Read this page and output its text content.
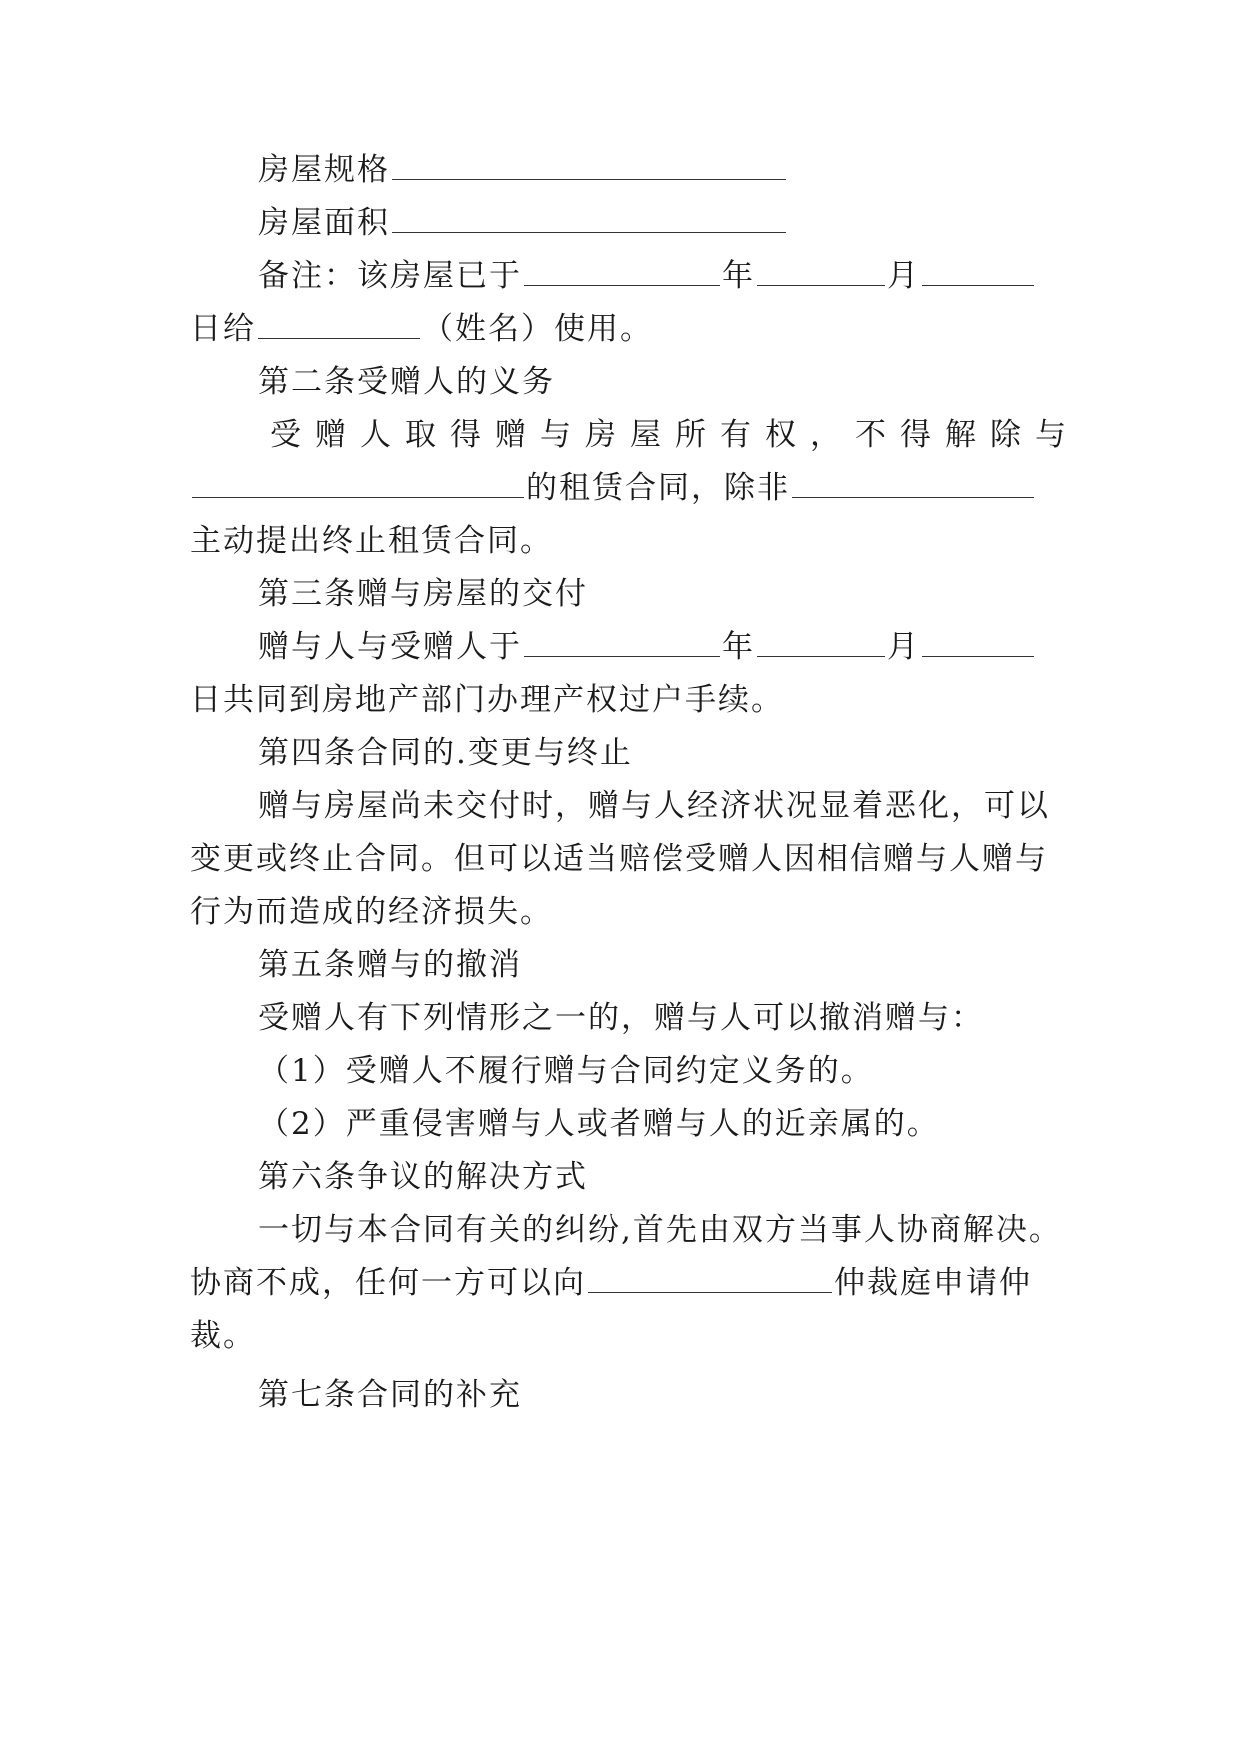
房屋规格
房屋面积
备注：该房屋已于	年	月
日给	（姓名）使用。
第二条受赠人的义务
受赠人取得赠与房屋所有权，不得解除与
的租赁合同，除非
主动提出终止租赁合同。
第三条赠与房屋的交付
赠与人与受赠人于	年	月
日共同到房地产部门办理产权过户手续。
第四条合同的.变更与终止
赠与房屋尚未交付时，赠与人经济状况显着恶化，可以
变更或终止合同。但可以适当赔偿受赠人因相信赠与人赠与
行为而造成的经济损失。
第五条赠与的撤消
受赠人有下列情形之一的，赠与人可以撤消赠与：
（1）受赠人不履行赠与合同约定义务的。
（2）严重侵害赠与人或者赠与人的近亲属的。
第六条争议的解决方式
一切与本合同有关的纠纷,首先由双方当事人协商解决。
协商不成，任何一方可以向	仲裁庭申请仲
裁。
第七条合同的补充
